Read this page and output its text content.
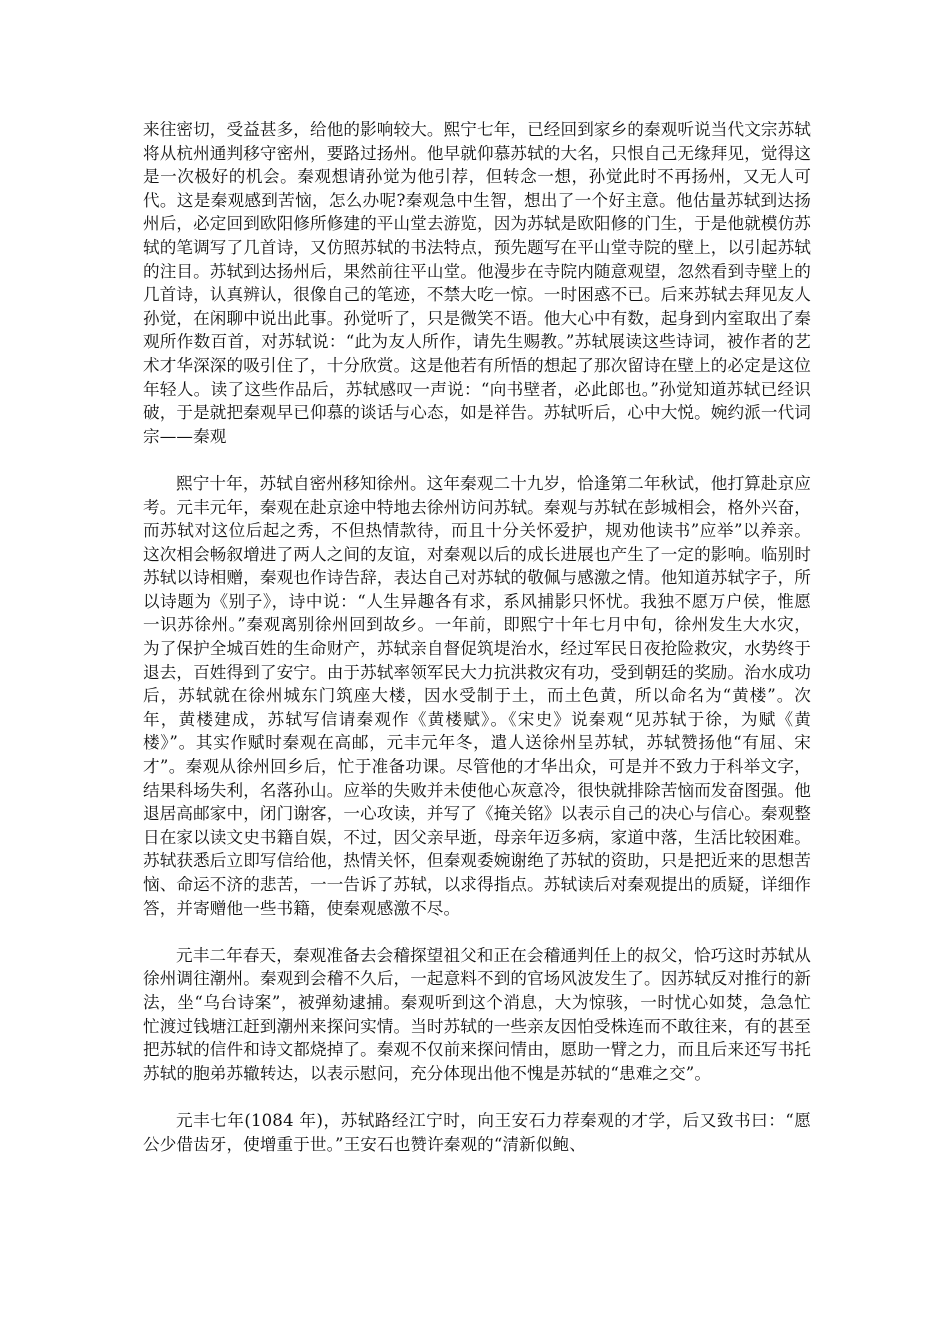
来往密切，受益甚多，给他的影响较大。熙宁七年，已经回到家乡的秦观听说当代文宗苏轼将从杭州通判移守密州，要路过扬州。他早就仰慕苏轼的大名，只恨自己无缘拜见，觉得这是一次极好的机会。秦观想请孙觉为他引荐，但转念一想，孙觉此时不再扬州，又无人可代。这是秦观感到苦恼，怎么办呢?秦观急中生智，想出了一个好主意。他估量苏轼到达扬州后，必定回到欧阳修所修建的平山堂去游览，因为苏轼是欧阳修的门生，于是他就模仿苏轼的笔调写了几首诗，又仿照苏轼的书法特点，预先题写在平山堂寺院的壁上，以引起苏轼的注目。苏轼到达扬州后，果然前往平山堂。他漫步在寺院内随意观望，忽然看到寺壁上的几首诗，认真辨认，很像自己的笔迹，不禁大吃一惊。一时困惑不已。后来苏轼去拜见友人孙觉，在闲聊中说出此事。孙觉听了，只是微笑不语。他大心中有数，起身到内室取出了秦观所作数百首，对苏轼说：“此为友人所作，请先生赐教。”苏轼展读这些诗词，被作者的艺术才华深深的吸引住了，十分欣赏。这是他若有所悟的想起了那次留诗在壁上的必定是这位年轻人。读了这些作品后，苏轼感叹一声说：“向书壁者，必此郎也。”孙觉知道苏轼已经识破，于是就把秦观早已仰慕的谈话与心态，如是祥告。苏轼听后，心中大悦。婉约派一代词宗——秦观

熙宁十年，苏轼自密州移知徐州。这年秦观二十九岁，恰逢第二年秋试，他打算赴京应考。元丰元年，秦观在赴京途中特地去徐州访问苏轼。秦观与苏轼在彭城相会，格外兴奋，而苏轼对这位后起之秀，不但热情款待，而且十分关怀爱护，规劝他读书”应举”以养亲。这次相会畅叙增进了两人之间的友谊，对秦观以后的成长进展也产生了一定的影响。临别时苏轼以诗相赠，秦观也作诗告辞，表达自己对苏轼的敬佩与感激之情。他知道苏轼字子，所以诗题为《别子》，诗中说：“人生异趣各有求，系风捕影只怀忧。我独不愿万户侯，惟愿一识苏徐州。”秦观离别徐州回到故乡。一年前，即熙宁十年七月中旬，徐州发生大水灾，为了保护全城百姓的生命财产，苏轼亲自督促筑堤治水，经过军民日夜抢险救灾，水势终于退去，百姓得到了安宁。由于苏轼率领军民大力抗洪救灾有功，受到朝廷的奖励。治水成功后，苏轼就在徐州城东门筑座大楼，因水受制于土，而土色黄，所以命名为“黄楼”。次年，黄楼建成，苏轼写信请秦观作《黄楼赋》。《宋史》说秦观“见苏轼于徐，为赋《黄楼》”。其实作赋时秦观在高邮，元丰元年冬，遣人送徐州呈苏轼，苏轼赞扬他“有屈、宋才”。秦观从徐州回乡后，忙于准备功课。尽管他的才华出众，可是并不致力于科举文字，结果科场失利，名落孙山。应举的失败并未使他心灰意冷，很快就排除苦恼而发奋图强。他退居高邮家中，闭门谢客，一心攻读，并写了《掩关铭》以表示自己的决心与信心。秦观整日在家以读文史书籍自娱，不过，因父亲早逝，母亲年迈多病，家道中落，生活比较困难。苏轼获悉后立即写信给他，热情关怀，但秦观委婉谢绝了苏轼的资助，只是把近来的思想苦恼、命运不济的悲苦，一一告诉了苏轼，以求得指点。苏轼读后对秦观提出的质疑，详细作答，并寄赠他一些书籍，使秦观感激不尽。

元丰二年春天，秦观准备去会稽探望祖父和正在会稽通判任上的叔父，恰巧这时苏轼从徐州调往潮州。秦观到会稽不久后，一起意料不到的官场风波发生了。因苏轼反对推行的新法，坐“乌台诗案”，被弹劾逮捕。秦观听到这个消息，大为惊骇，一时忧心如焚，急急忙忙渡过钱塘江赶到潮州来探问实情。当时苏轼的一些亲友因怕受株连而不敢往来，有的甚至把苏轼的信件和诗文都烧掉了。秦观不仅前来探问情由，愿助一臂之力，而且后来还写书托苏轼的胞弟苏辙转达，以表示慰问，充分体现出他不愧是苏轼的“患难之交”。

元丰七年(1084 年)，苏轼路经江宁时，向王安石力荐秦观的才学，后又致书曰：“愿公少借齿牙，使增重于世。”王安石也赞许秦观的“清新似鲍、
